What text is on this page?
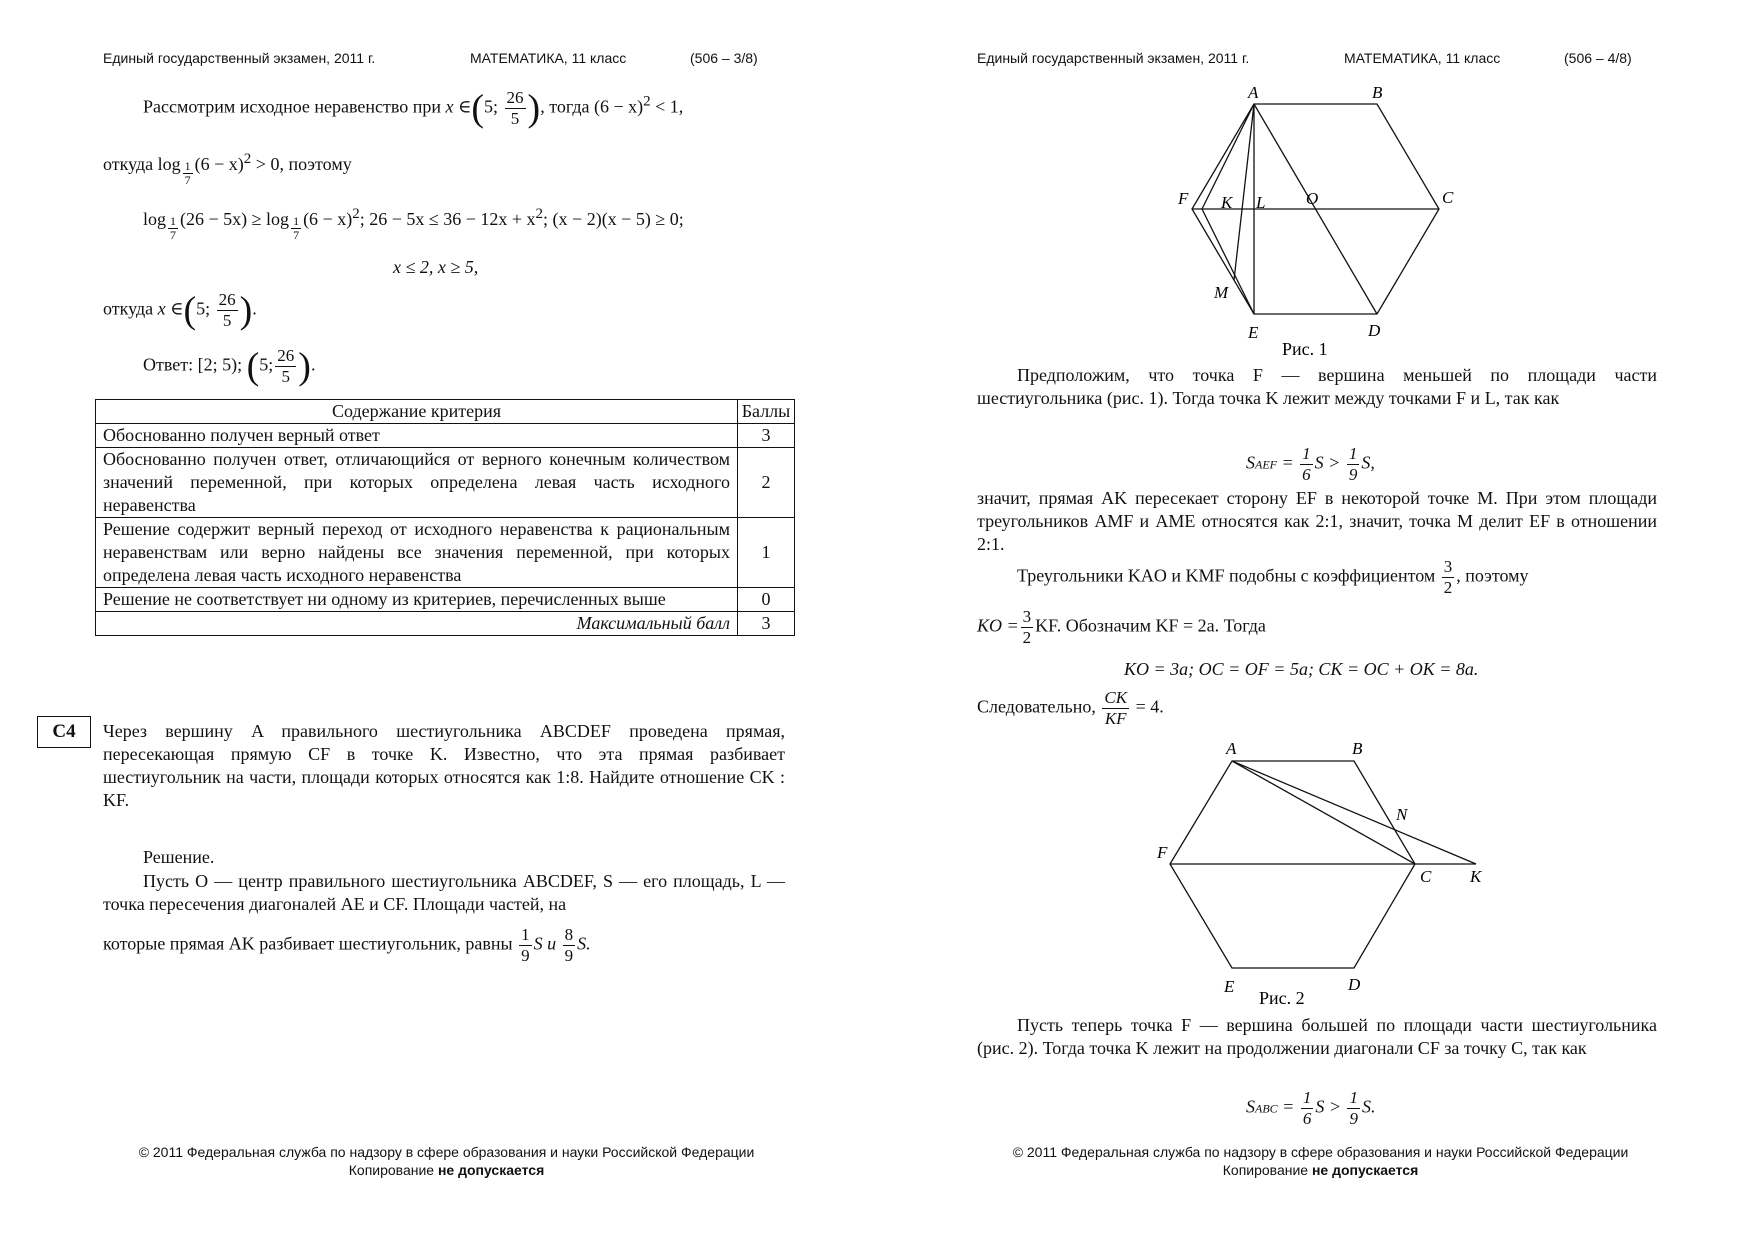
Единый государственный экзамен, 2011 г.	МАТЕМАТИКА, 11 класс	(506 – 3/8)
Рассмотрим исходное неравенство при x ∈(5; $\frac{26}{5}$ ), тогда $(6 - x)^2 < 1$,
откуда $\log \frac{1}{7} (6 - x)^2 > 0$, поэтому
$\log \frac{1}{7} (26 - 5x) \ge \log \frac{1}{7} (6 - x)^2$; $26 - 5x \le 36 - 12x + x^2$; (x − 2)(x − 5) ≥ 0;
x ≤ 2, x ≥ 5,
откуда x ∈(5; $\frac{26}{5}$ ).
Ответ: [2; 5); (5; $\frac{26}{5}$ ).
Содержание критерия	Баллы
Обоснованно получен верный ответ	3
Обоснованно получен ответ, отличающийся от верного конечным количеством значений переменной, при которых определена левая часть исходного неравенства	2
Решение содержит верный переход от исходного неравенства к рациональным неравенствам или верно найдены все значения переменной, при которых определена левая часть исходного неравенства	1
Решение не соответствует ни одному из критериев, перечисленных выше	0
Максимальный балл	3
C4	Через вершину A правильного шестиугольника ABCDEF проведена прямая, пересекающая прямую CF в точке K. Известно, что эта прямая разбивает шестиугольник на части, площади которых относятся как 1:8. Найдите отношение CK : KF.
Решение.
Пусть O — центр правильного шестиугольника ABCDEF, S — его площадь, L — точка пересечения диагоналей AE и CF. Площади частей, на
которые прямая AK разбивает шестиугольник, равны $\frac{1}{9}$ S и $\frac{8}{9} S$.
© 2011 Федеральная служба по надзору в сфере образования и науки Российской Федерации
Копирование не допускается
Единый государственный экзамен, 2011 г.	МАТЕМАТИКА, 11 класс	(506 – 4/8)
A	B
C
D
E
F K L O
M
Рис. 1
Предположим, что точка F — вершина меньшей по площади части шестиугольника (рис. 1). Тогда точка K лежит между точками F и L, так как
SAEF = $\frac{1}{6}$ $S > \frac{1}{9} S$,
значит, прямая AK пересекает сторону EF в некоторой точке M. При этом площади треугольников AMF и AME относятся как 2:1, значит, точка M делит EF в отношении 2:1.
Треугольники KAO и KMF подобны с коэффициентом $\frac{3}{2}$ , поэтому
KO = $\frac{3}{2}$ KF. Обозначим KF = 2a. Тогда
KO = 3a; OC = OF = 5a; CK = OC + OK = 8a.
Следовательно, $\frac{CK}{KF} = 4$.
A	B
C
D
E
F
N
K
Рис. 2
Пусть теперь точка F — вершина большей по площади части шестиугольника (рис. 2). Тогда точка K лежит на продолжении диагонали CF за точку C, так как
SABC = $\frac{1}{6}$ $S > \frac{1}{9} S$.
© 2011 Федеральная служба по надзору в сфере образования и науки Российской Федерации
Копирование не допускается
